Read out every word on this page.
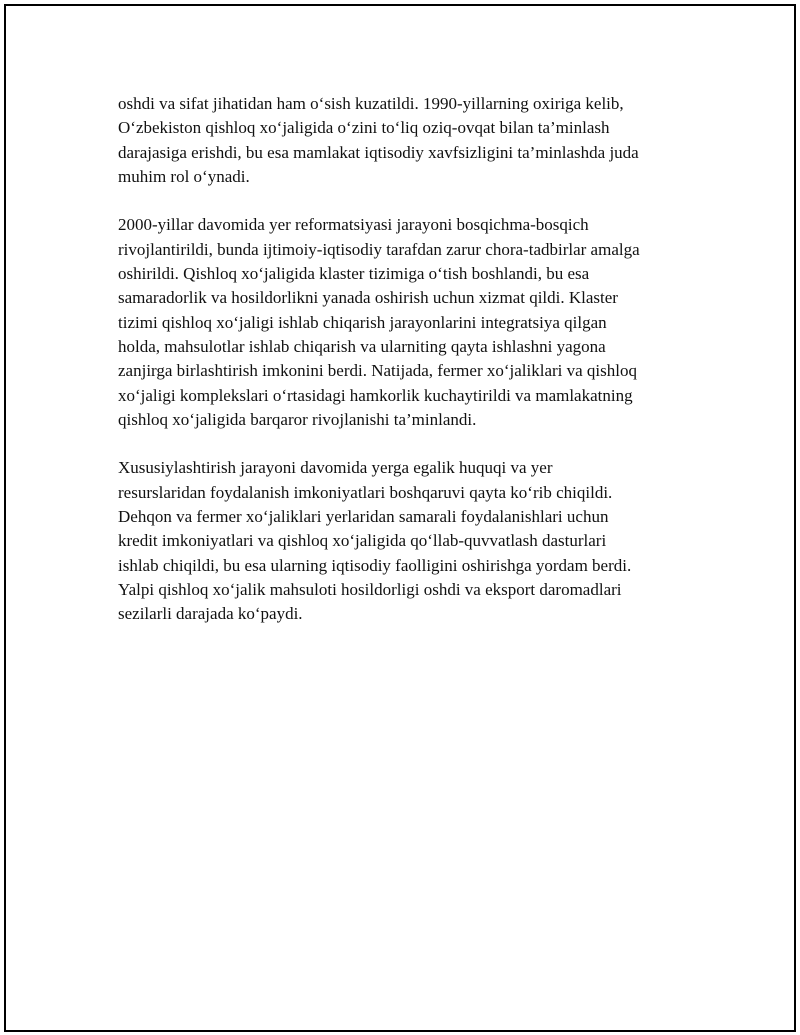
oshdi va sifat jihatidan ham o‘sish kuzatildi. 1990-yillarning oxiriga kelib,
O‘zbekiston qishloq xo‘jaligida o‘zini to‘liq oziq-ovqat bilan ta’minlash
darajasigа erishdi, bu esa mamlakat iqtisodiy xavfsizligini ta’minlashda juda
muhim rol o‘ynadi.
2000-yillar davomida yer reformatsiyasi jarayoni bosqichma-bosqich
rivojlantirildi, bunda ijtimoiy-iqtisodiy tarafdan zarur chora-tadbirlar amalga
oshirildi. Qishloq xo‘jaligida klaster tizimiga o‘tish boshlandi, bu esa
samaradorlik va hosildorlikni yanada oshirish uchun xizmat qildi. Klaster
tizimi qishloq xo‘jaligi ishlab chiqarish jarayonlarini integratsiya qilgan
holda, mahsulotlar ishlab chiqarish va ularniting qayta ishlashni yagona
zanjirga birlashtirish imkonini berdi. Natijada, fermer xo‘jaliklari va qishloq
xo‘jaligi komplekslari o‘rtasidagi hamkorlik kuchaytirildi va mamlakatning
qishloq xo‘jaligida barqaror rivojlanishi ta’minlandi.
Xususiylashtirish jarayoni davomida yerga egalik huquqi va yer
resurslaridan foydalanish imkoniyatlari boshqaruvi qayta ko‘rib chiqildi.
Dehqon va fermer xo‘jaliklari yerlaridan samarali foydalanishlari uchun
kredit imkoniyatlari va qishloq xo‘jaligida qo‘llab-quvvatlash dasturlari
ishlab chiqildi, bu esa ularning iqtisodiy faolligini oshirishga yordam berdi.
Yalpi qishloq xo‘jalik mahsuloti hosildorligi oshdi va eksport daromadlari
sezilarli darajada ko‘paydi.
